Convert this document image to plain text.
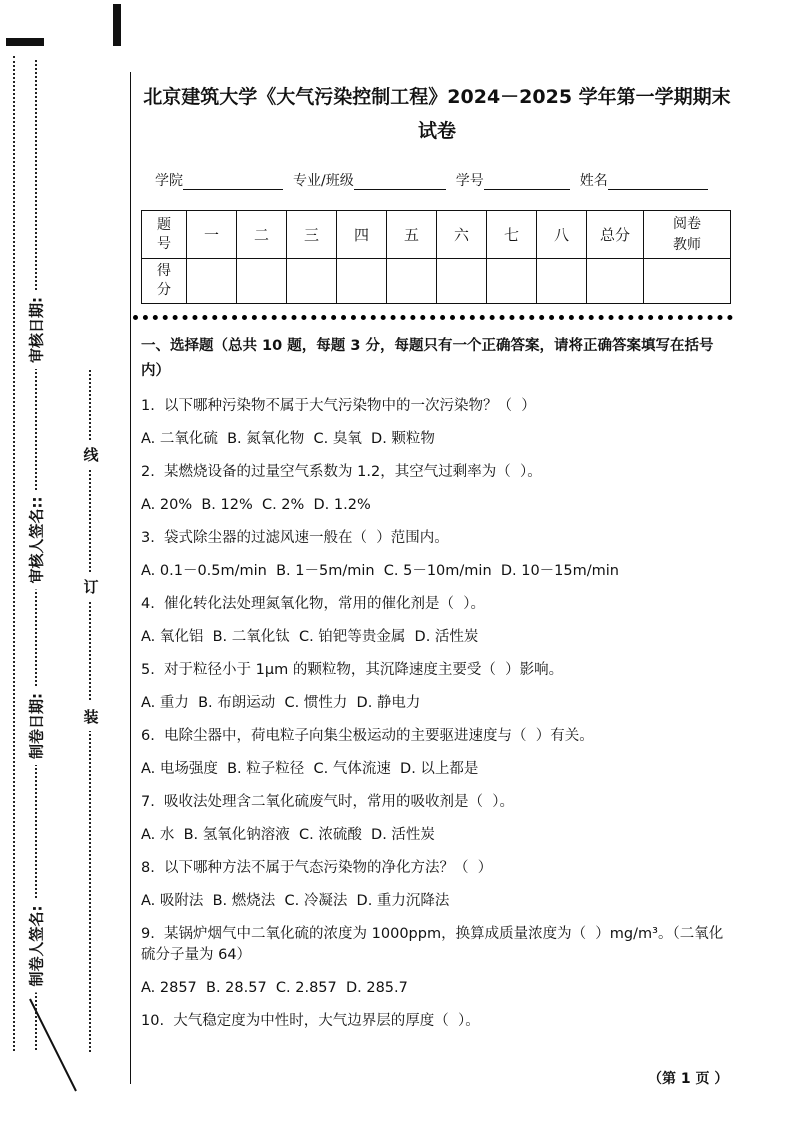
审核日期:
审核人签名::
制卷日期:
制卷人签名:
线
订
装
北京建筑大学《大气污染控制工程》2024－2025 学年第一学期期末试卷
学院	专业/班级	学号	姓名
题号	一	二	三	四	五	六	七	八	总分	阅卷教师
得分										

一、选择题（总共 10 题，每题 3 分，每题只有一个正确答案，请将正确答案填写在括号内）

1.  以下哪种污染物不属于大气污染物中的一次污染物？（  ）

A. 二氧化硫  B. 氮氧化物  C. 臭氧  D. 颗粒物

2.  某燃烧设备的过量空气系数为 1.2，其空气过剩率为（  ）。

A. 20%  B. 12%  C. 2%  D. 1.2%

3.  袋式除尘器的过滤风速一般在（  ）范围内。

A. 0.1－0.5m/min  B. 1－5m/min  C. 5－10m/min  D. 10－15m/min

4.  催化转化法处理氮氧化物，常用的催化剂是（  ）。

A. 氧化铝  B. 二氧化钛  C. 铂钯等贵金属  D. 活性炭

5.  对于粒径小于 1μm 的颗粒物，其沉降速度主要受（  ）影响。

A. 重力  B. 布朗运动  C. 惯性力  D. 静电力

6.  电除尘器中，荷电粒子向集尘极运动的主要驱进速度与（  ）有关。

A. 电场强度  B. 粒子粒径  C. 气体流速  D. 以上都是

7.  吸收法处理含二氧化硫废气时，常用的吸收剂是（  ）。

A. 水  B. 氢氧化钠溶液  C. 浓硫酸  D. 活性炭

8.  以下哪种方法不属于气态污染物的净化方法？（  ）

A. 吸附法  B. 燃烧法  C. 冷凝法  D. 重力沉降法

9.  某锅炉烟气中二氧化硫的浓度为 1000ppm，换算成质量浓度为（  ）mg/m³。（二氧化硫分子量为 64）

A. 2857  B. 28.57  C. 2.857  D. 285.7

10.  大气稳定度为中性时，大气边界层的厚度（  ）。

（第 1 页 ）
